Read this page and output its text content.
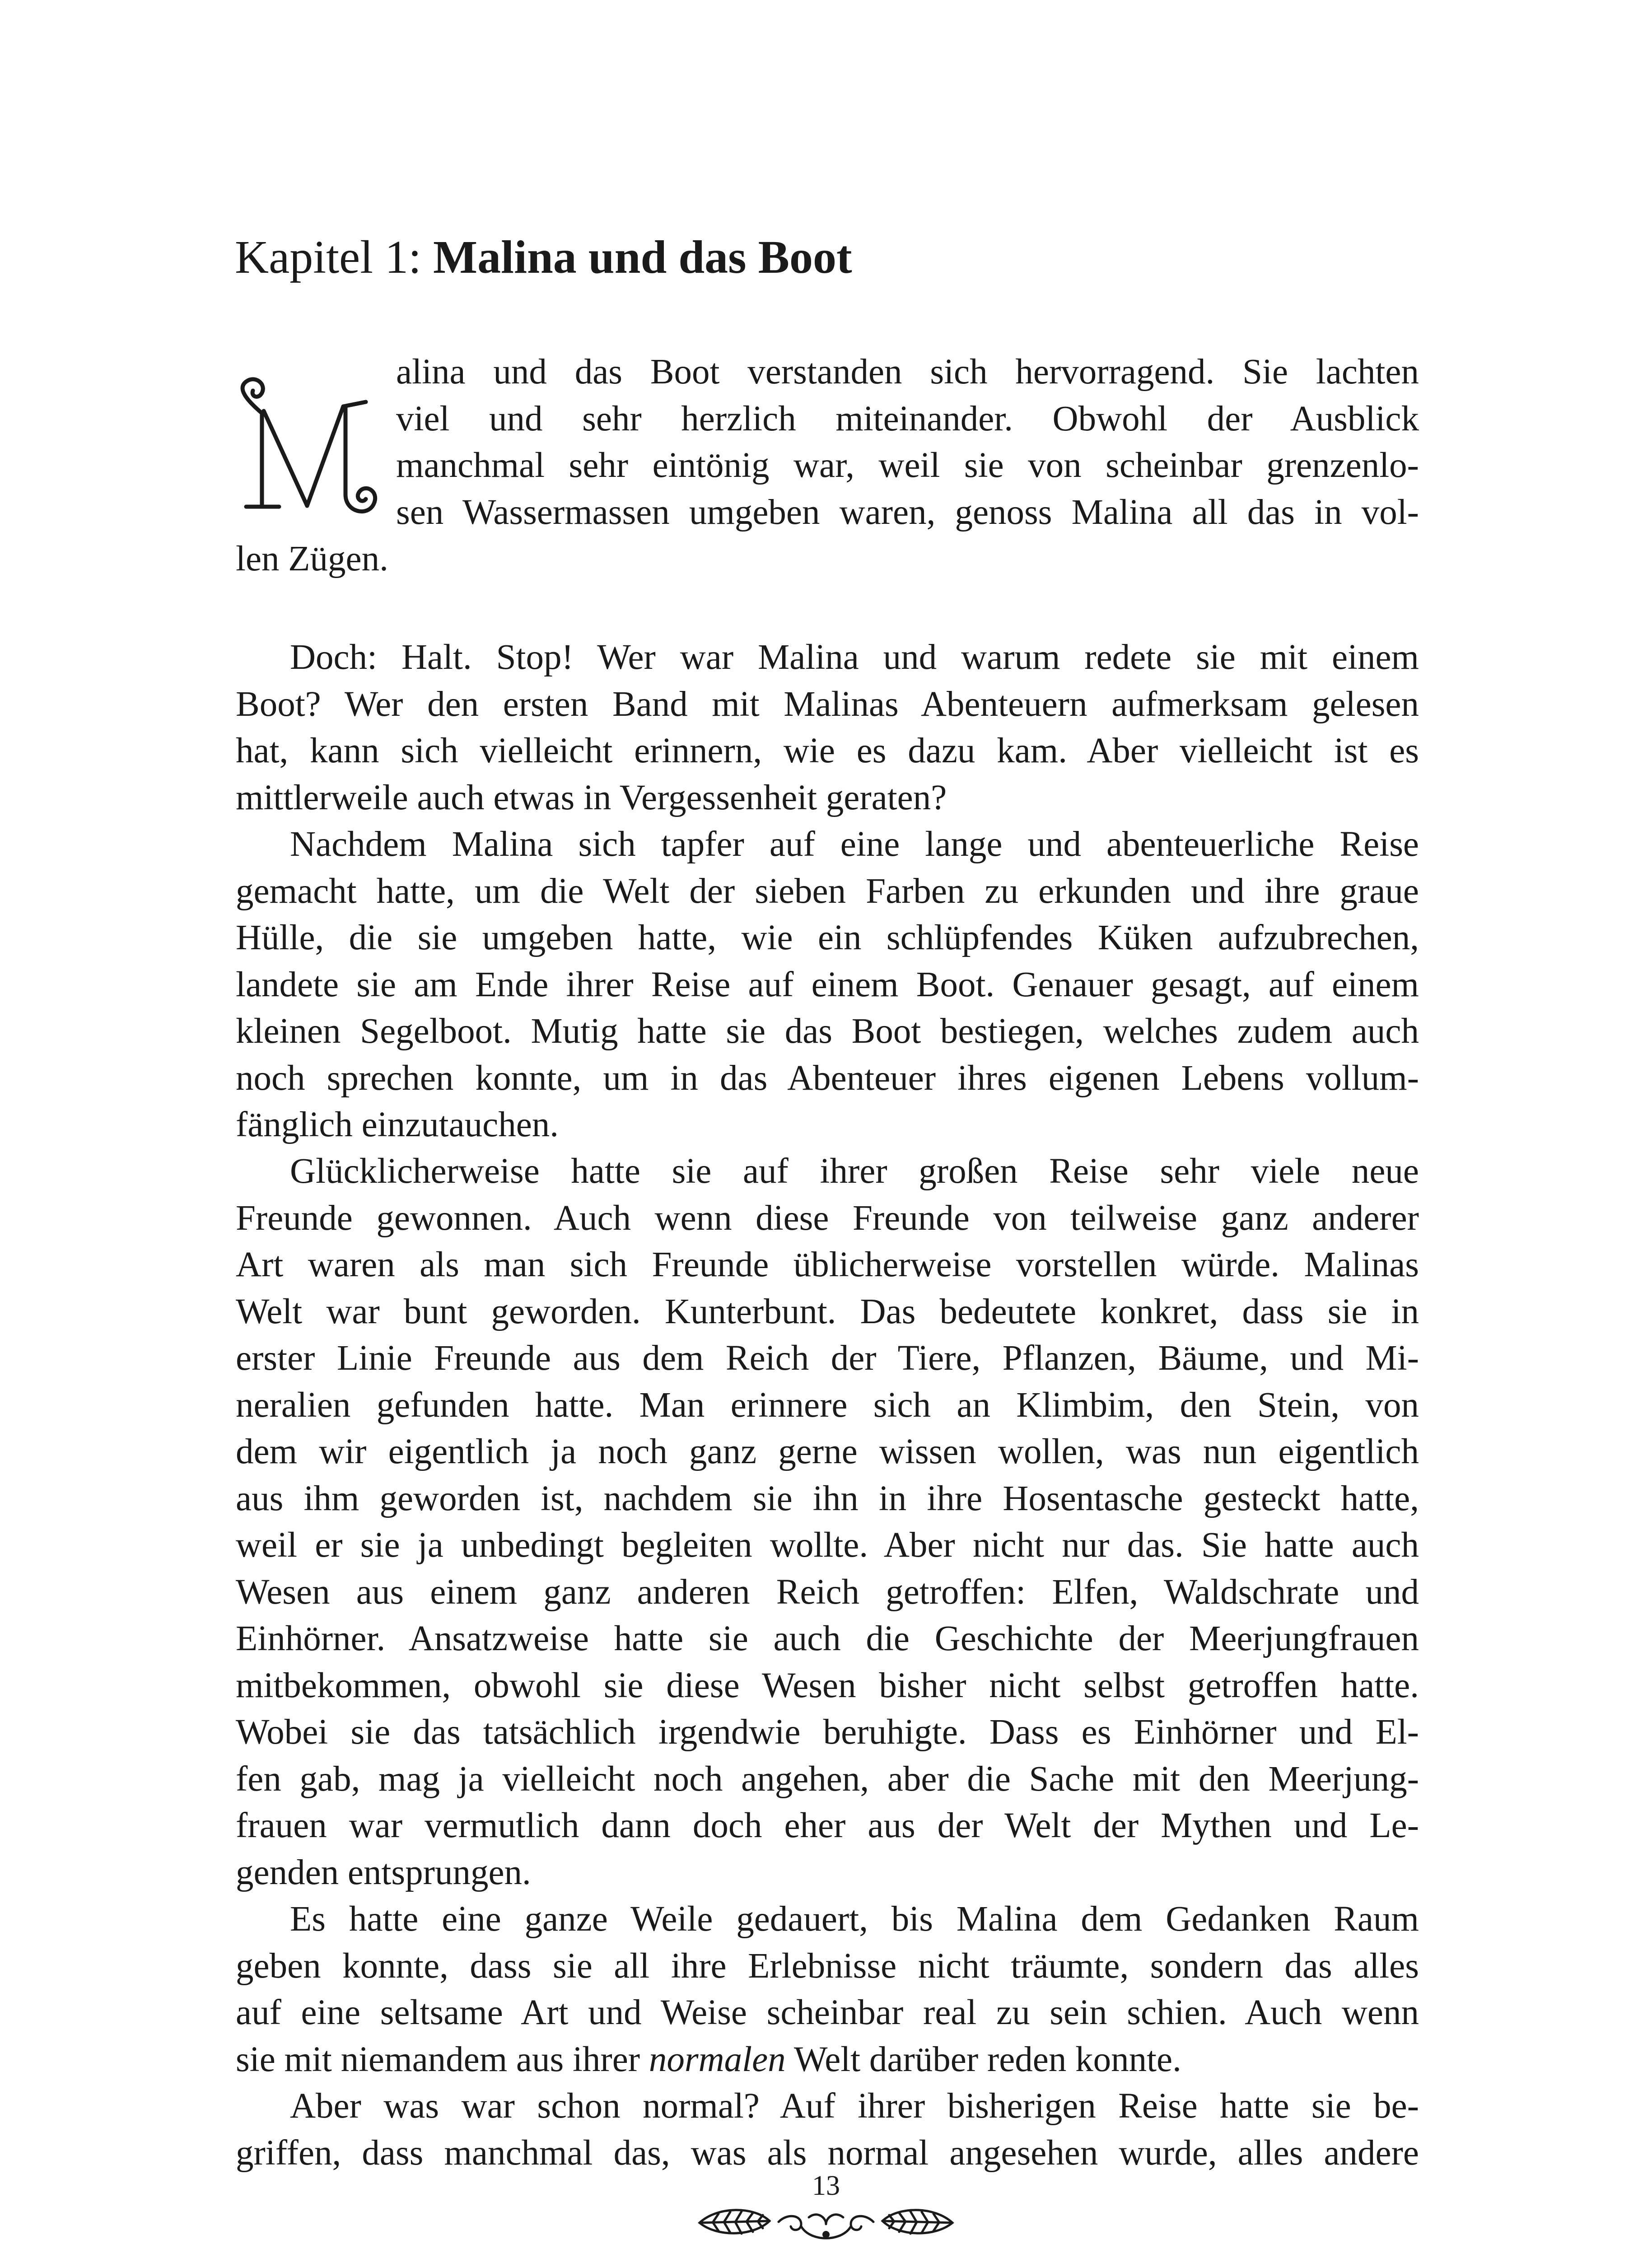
Kapitel 1: Malina und das Boot
alina und das Boot verstanden sich hervorragend. Sie lachten
viel und sehr herzlich miteinander. Obwohl der Ausblick
manchmal sehr eintönig war, weil sie von scheinbar grenzenlo-
sen Wassermassen umgeben waren, genoss Malina all das in vol-
len Zügen.
Doch: Halt. Stop! Wer war Malina und warum redete sie mit einem
Boot? Wer den ersten Band mit Malinas Abenteuern aufmerksam gelesen
hat, kann sich vielleicht erinnern, wie es dazu kam. Aber vielleicht ist es
mittlerweile auch etwas in Vergessenheit geraten?
Nachdem Malina sich tapfer auf eine lange und abenteuerliche Reise
gemacht hatte, um die Welt der sieben Farben zu erkunden und ihre graue
Hülle, die sie umgeben hatte, wie ein schlüpfendes Küken aufzubrechen,
landete sie am Ende ihrer Reise auf einem Boot. Genauer gesagt, auf einem
kleinen Segelboot. Mutig hatte sie das Boot bestiegen, welches zudem auch
noch sprechen konnte, um in das Abenteuer ihres eigenen Lebens vollum-
fänglich einzutauchen.
Glücklicherweise hatte sie auf ihrer großen Reise sehr viele neue
Freunde gewonnen. Auch wenn diese Freunde von teilweise ganz anderer
Art waren als man sich Freunde üblicherweise vorstellen würde. Malinas
Welt war bunt geworden. Kunterbunt. Das bedeutete konkret, dass sie in
erster Linie Freunde aus dem Reich der Tiere, Pflanzen, Bäume, und Mi-
neralien gefunden hatte. Man erinnere sich an Klimbim, den Stein, von
dem wir eigentlich ja noch ganz gerne wissen wollen, was nun eigentlich
aus ihm geworden ist, nachdem sie ihn in ihre Hosentasche gesteckt hatte,
weil er sie ja unbedingt begleiten wollte. Aber nicht nur das. Sie hatte auch
Wesen aus einem ganz anderen Reich getroffen: Elfen, Waldschrate und
Einhörner. Ansatzweise hatte sie auch die Geschichte der Meerjungfrauen
mitbekommen, obwohl sie diese Wesen bisher nicht selbst getroffen hatte.
Wobei sie das tatsächlich irgendwie beruhigte. Dass es Einhörner und El-
fen gab, mag ja vielleicht noch angehen, aber die Sache mit den Meerjung-
frauen war vermutlich dann doch eher aus der Welt der Mythen und Le-
genden entsprungen.
Es hatte eine ganze Weile gedauert, bis Malina dem Gedanken Raum
geben konnte, dass sie all ihre Erlebnisse nicht träumte, sondern das alles
auf eine seltsame Art und Weise scheinbar real zu sein schien. Auch wenn
sie mit niemandem aus ihrer normalen Welt darüber reden konnte.
Aber was war schon normal? Auf ihrer bisherigen Reise hatte sie be-
griffen, dass manchmal das, was als normal angesehen wurde, alles andere
13
